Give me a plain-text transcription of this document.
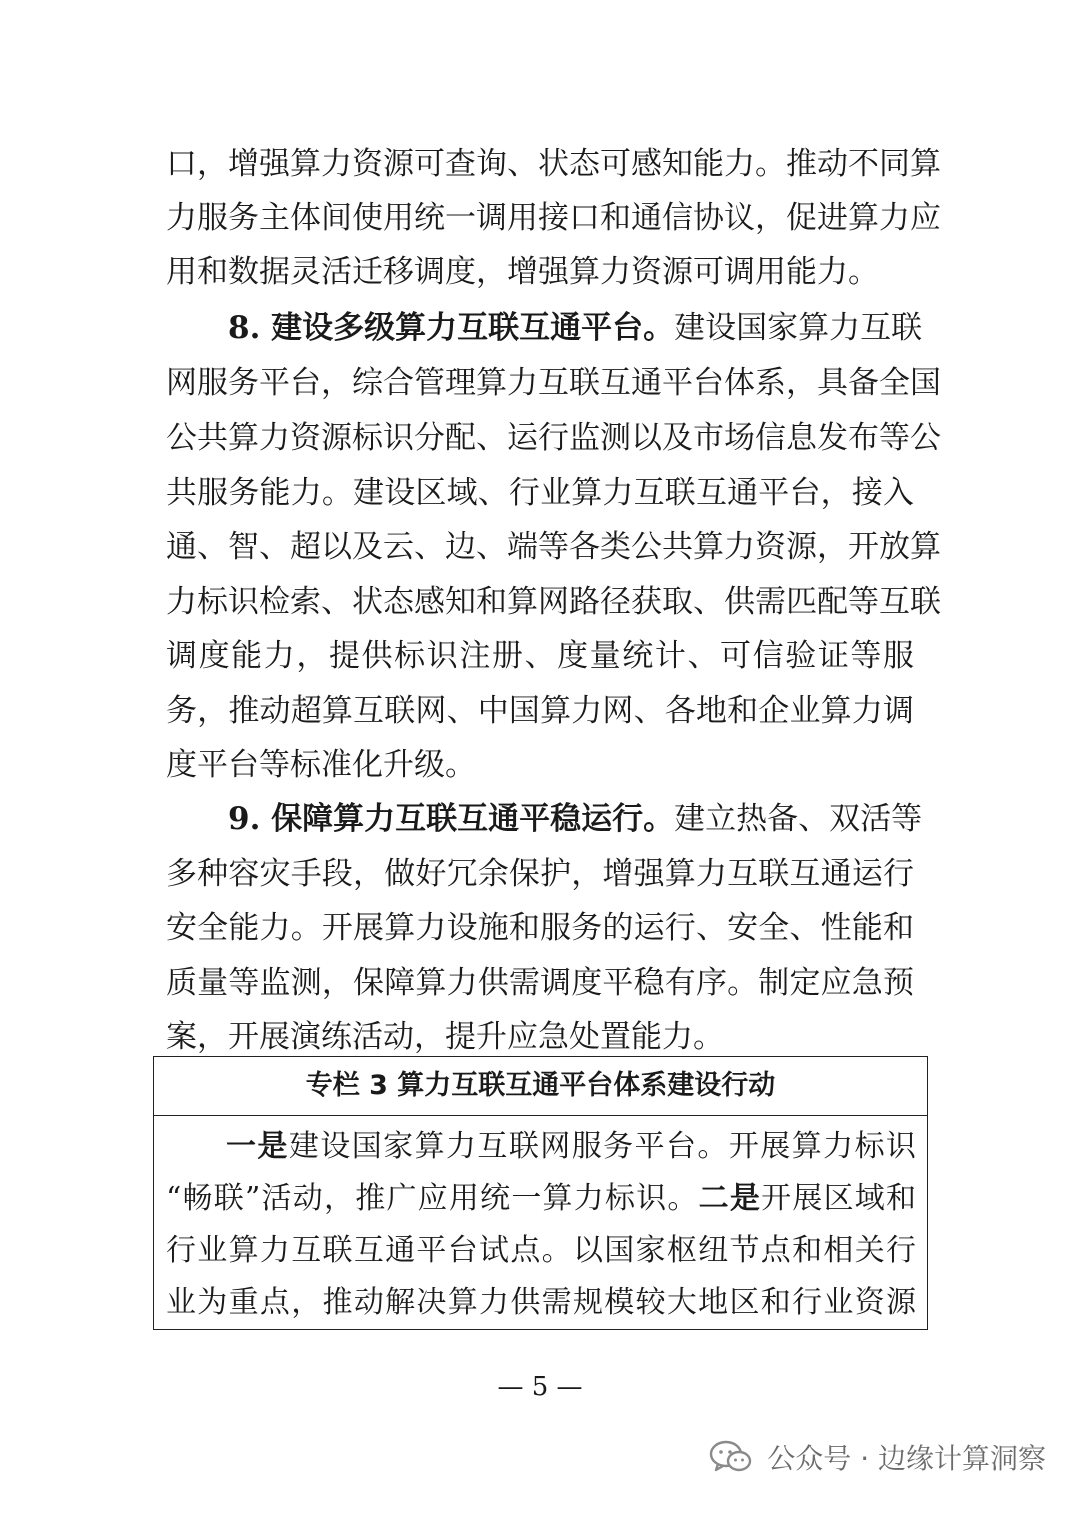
口，增强算力资源可查询、状态可感知能力。推动不同算
力服务主体间使用统一调用接口和通信协议，促进算力应
用和数据灵活迁移调度，增强算力资源可调用能力。
8. 建设多级算力互联互通平台。建设国家算力互联
网服务平台，综合管理算力互联互通平台体系，具备全国
公共算力资源标识分配、运行监测以及市场信息发布等公
共服务能力。建设区域、行业算力互联互通平台，接入
通、智、超以及云、边、端等各类公共算力资源，开放算
力标识检索、状态感知和算网路径获取、供需匹配等互联
调度能力，提供标识注册、度量统计、可信验证等服
务，推动超算互联网、中国算力网、各地和企业算力调
度平台等标准化升级。
9. 保障算力互联互通平稳运行。建立热备、双活等
多种容灾手段，做好冗余保护，增强算力互联互通运行
安全能力。开展算力设施和服务的运行、安全、性能和
质量等监测，保障算力供需调度平稳有序。制定应急预
案，开展演练活动，提升应急处置能力。
专栏 3 算力互联互通平台体系建设行动
一是建设国家算力互联网服务平台。开展算力标识
“畅联”活动，推广应用统一算力标识。二是开展区域和
行业算力互联互通平台试点。以国家枢纽节点和相关行
业为重点，推动解决算力供需规模较大地区和行业资源
— 5 —
公众号 · 边缘计算洞察
